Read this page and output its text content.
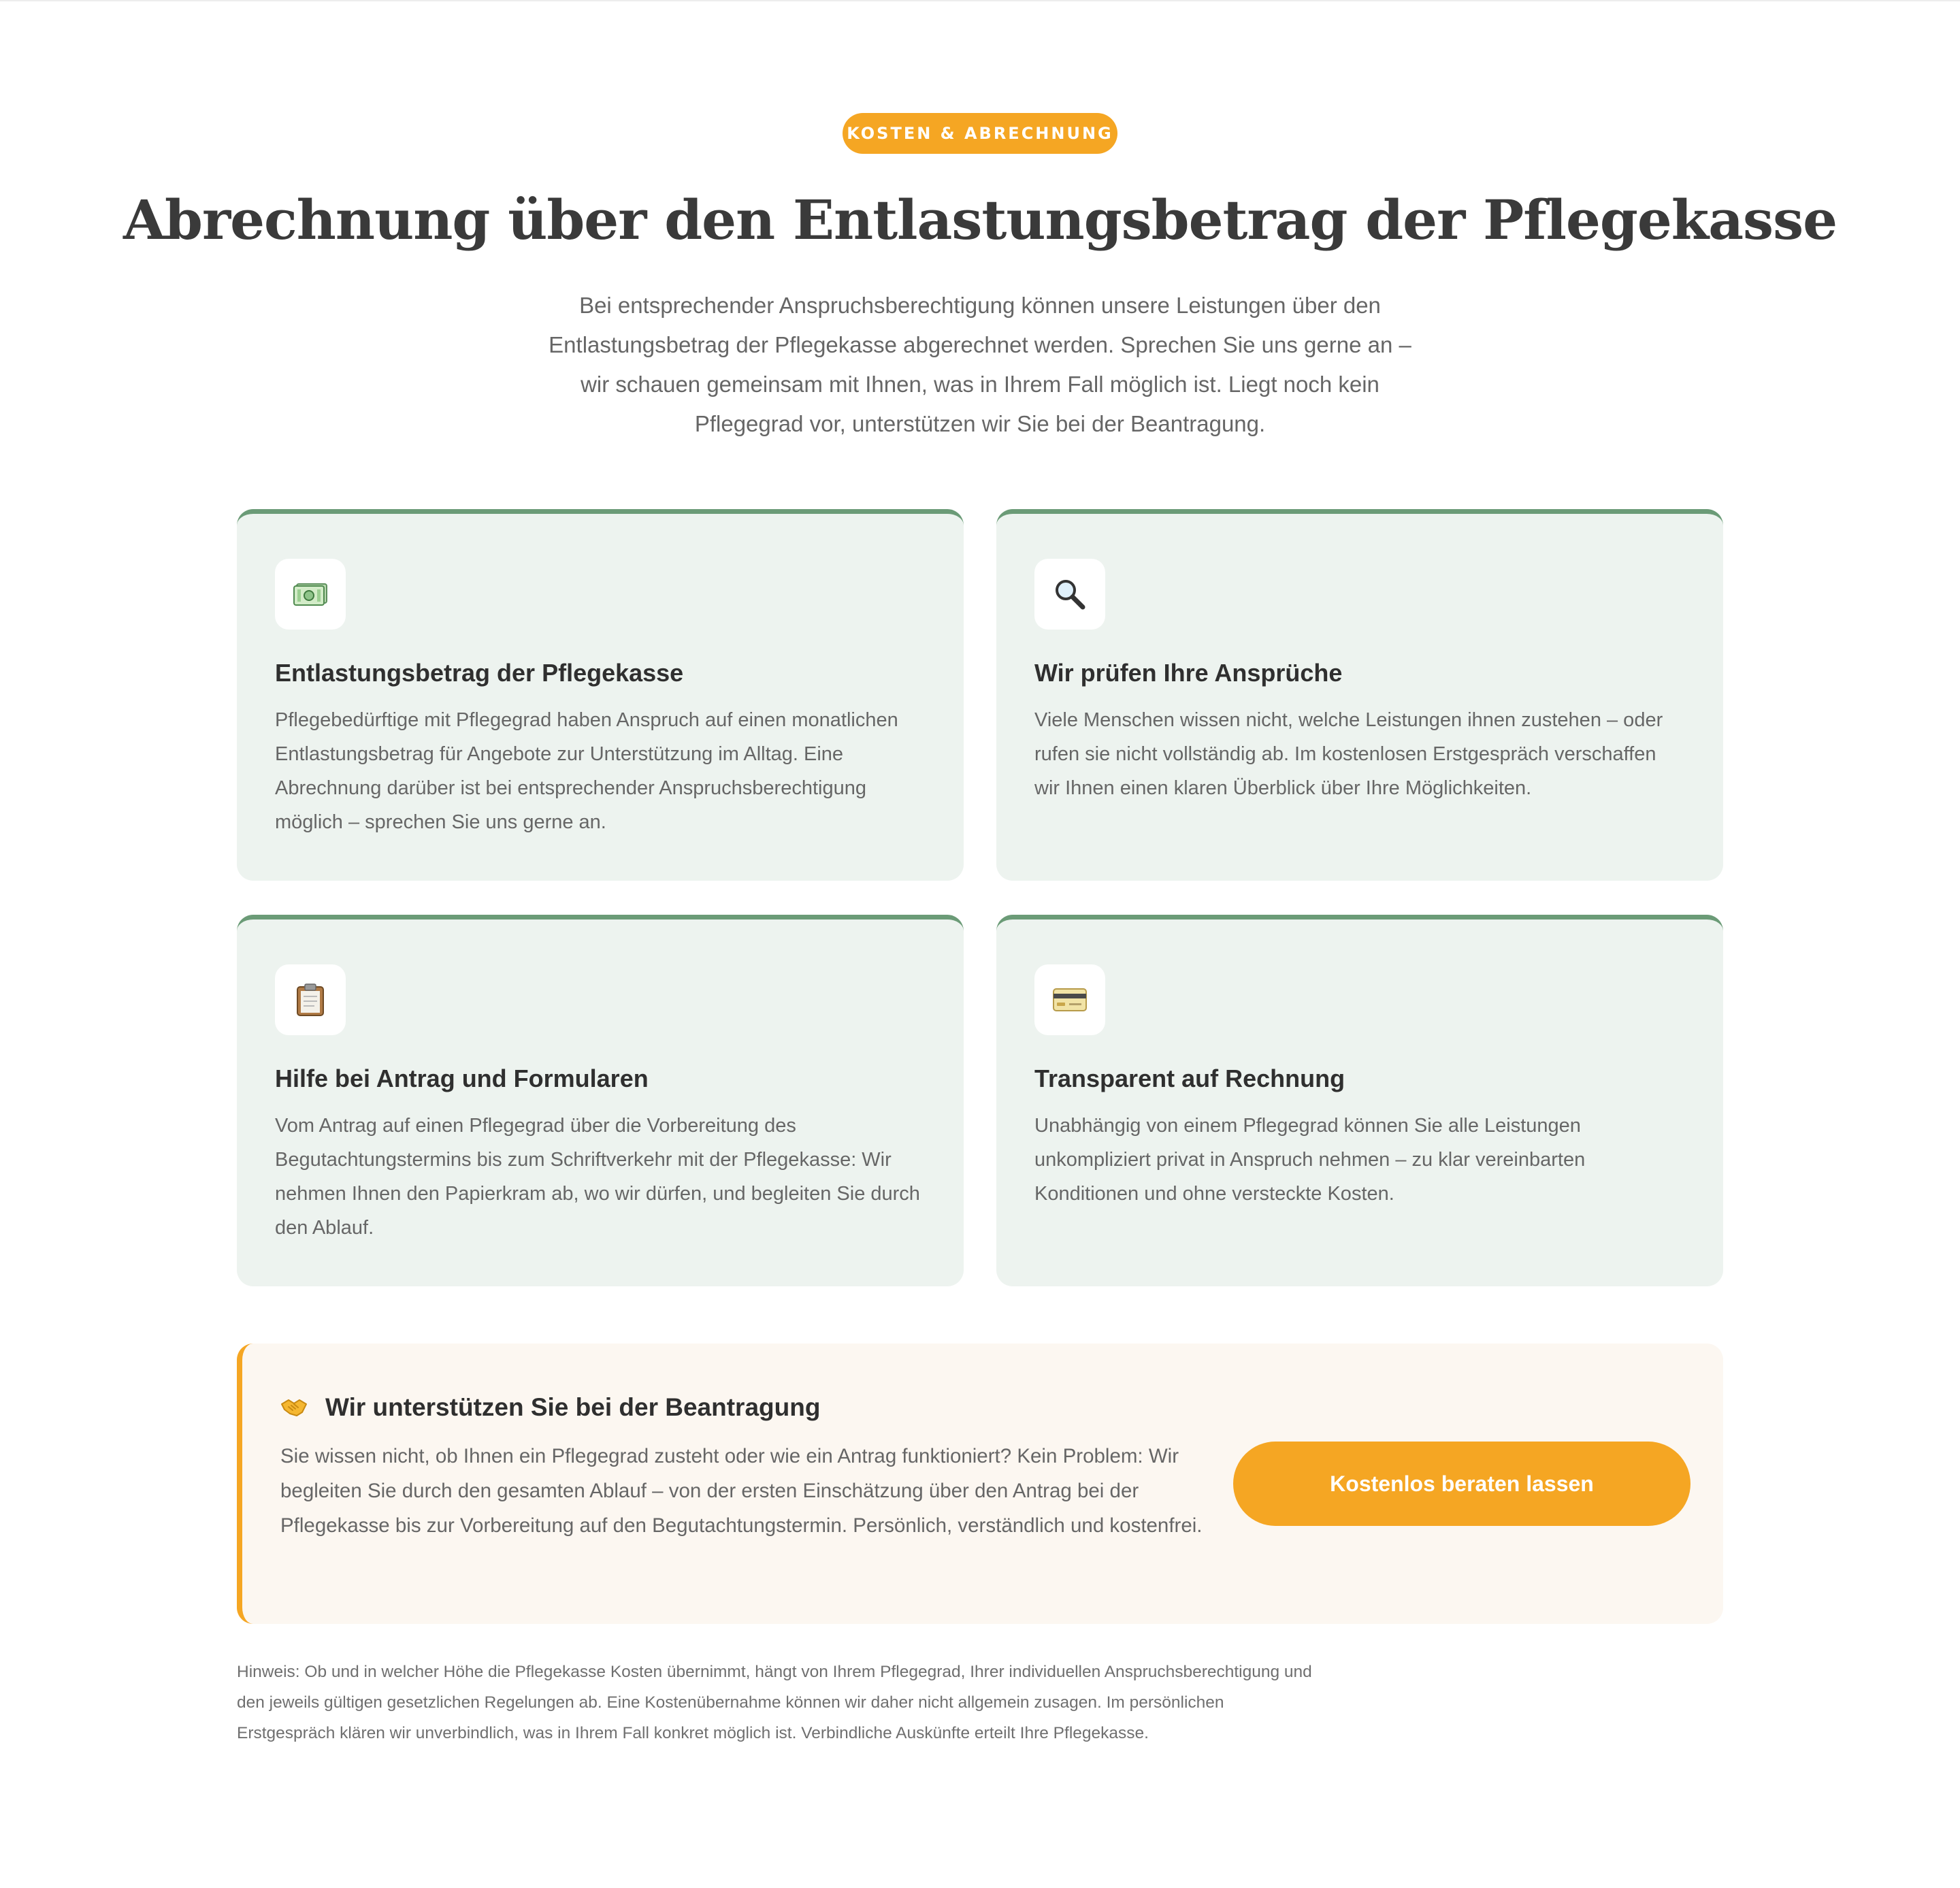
KOSTEN & ABRECHNUNG
Abrechnung über den Entlastungsbetrag der Pflegekasse

Bei entsprechender Anspruchsberechtigung können unsere Leistungen über den Entlastungsbetrag der Pflegekasse abgerechnet werden. Sprechen Sie uns gerne an – wir schauen gemeinsam mit Ihnen, was in Ihrem Fall möglich ist. Liegt noch kein Pflegegrad vor, unterstützen wir Sie bei der Beantragung.

Entlastungsbetrag der Pflegekasse
Pflegebedürftige mit Pflegegrad haben Anspruch auf einen monatlichen Entlastungsbetrag für Angebote zur Unterstützung im Alltag. Eine Abrechnung darüber ist bei entsprechender Anspruchsberechtigung möglich – sprechen Sie uns gerne an.
Wir prüfen Ihre Ansprüche
Viele Menschen wissen nicht, welche Leistungen ihnen zustehen – oder rufen sie nicht vollständig ab. Im kostenlosen Erstgespräch verschaffen wir Ihnen einen klaren Überblick über Ihre Möglichkeiten.
Hilfe bei Antrag und Formularen
Vom Antrag auf einen Pflegegrad über die Vorbereitung des Begutachtungstermins bis zum Schriftverkehr mit der Pflegekasse: Wir nehmen Ihnen den Papierkram ab, wo wir dürfen, und begleiten Sie durch den Ablauf.
Transparent auf Rechnung
Unabhängig von einem Pflegegrad können Sie alle Leistungen unkompliziert privat in Anspruch nehmen – zu klar vereinbarten Konditionen und ohne versteckte Kosten.
Wir unterstützen Sie bei der Beantragung

Sie wissen nicht, ob Ihnen ein Pflegegrad zusteht oder wie ein Antrag funktioniert? Kein Problem: Wir begleiten Sie durch den gesamten Ablauf – von der ersten Einschätzung über den Antrag bei der Pflegekasse bis zur Vorbereitung auf den Begutachtungstermin. Persönlich, verständlich und kostenfrei.

Kostenlos beraten lassen

Hinweis: Ob und in welcher Höhe die Pflegekasse Kosten übernimmt, hängt von Ihrem Pflegegrad, Ihrer individuellen Anspruchsberechtigung und den jeweils gültigen gesetzlichen Regelungen ab. Eine Kostenübernahme können wir daher nicht allgemein zusagen. Im persönlichen Erstgespräch klären wir unverbindlich, was in Ihrem Fall konkret möglich ist. Verbindliche Auskünfte erteilt Ihre Pflegekasse.
